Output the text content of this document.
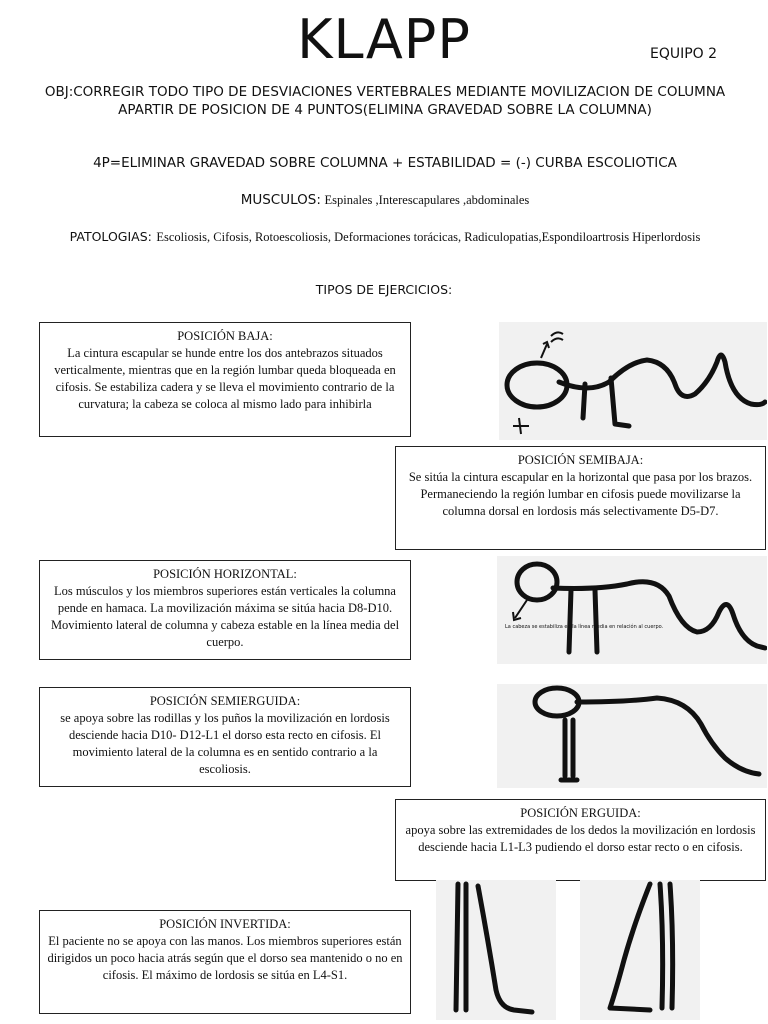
KLAPP	EQUIPO 2
OBJ:CORREGIR TODO TIPO DE DESVIACIONES VERTEBRALES MEDIANTE MOVILIZACION DE COLUMNA APARTIR DE POSICION DE 4 PUNTOS(ELIMINA GRAVEDAD SOBRE LA COLUMNA)
4P=ELIMINAR GRAVEDAD SOBRE COLUMNA + ESTABILIDAD = (-) CURBA ESCOLIOTICA
MUSCULOS: Espinales ,Interescapulares ,abdominales
PATOLOGIAS: Escoliosis, Cifosis, Rotoescoliosis, Deformaciones torácicas, Radiculopatias,Espondiloartrosis Hiperlordosis
TIPOS DE EJERCICIOS:
POSICIÓN BAJA:
La cintura escapular se hunde entre los dos antebrazos situados verticalmente, mientras que en la región lumbar queda bloqueada en cifosis. Se estabiliza cadera y se lleva el movimiento contrario de la curvatura; la cabeza se coloca al mismo lado para inhibirla
POSICIÓN SEMIBAJA:
Se sitúa la cintura escapular en la horizontal que pasa por los brazos. Permaneciendo la región lumbar en cifosis puede movilizarse la columna dorsal en lordosis más selectivamente D5-D7.
POSICIÓN HORIZONTAL:
Los músculos y los miembros superiores están verticales la columna pende en hamaca. La movilización máxima se sitúa hacia D8-D10. Movimiento lateral de columna y cabeza estable en la línea media del cuerpo.
POSICIÓN SEMIERGUIDA:
se apoya sobre las rodillas y los puños la movilización en lordosis desciende hacia D10- D12-L1 el dorso esta recto en cifosis. El movimiento lateral de la columna es en sentido contrario a la escoliosis.
POSICIÓN ERGUIDA:
apoya sobre las extremidades de los dedos la movilización en lordosis desciende hacia L1-L3 pudiendo el dorso estar recto o en cifosis.
POSICIÓN INVERTIDA:
El paciente no se apoya con las manos. Los miembros superiores están dirigidos un poco hacia atrás según que el dorso sea mantenido o no en cifosis. El máximo de lordosis se sitúa en L4-S1.
La cabeza se estabiliza en la línea media en relación al cuerpo.
